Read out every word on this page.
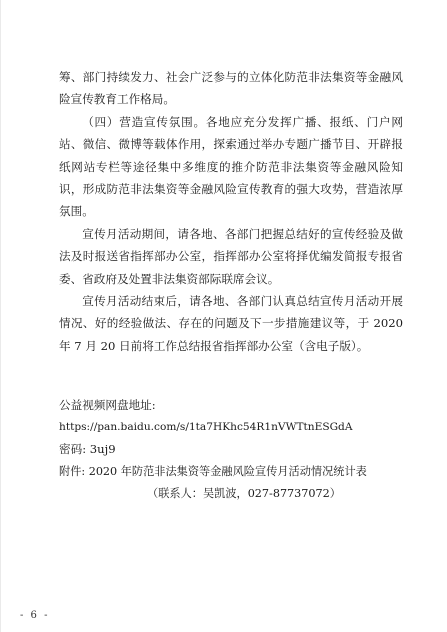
筹、部门持续发力、社会广泛参与的立体化防范非法集资等金融风险宣传教育工作格局。

（四）营造宣传氛围。各地应充分发挥广播、报纸、门户网站、微信、微博等载体作用，探索通过举办专题广播节目、开辟报纸网站专栏等途径集中多维度的推介防范非法集资等金融风险知识，形成防范非法集资等金融风险宣传教育的强大攻势，营造浓厚氛围。

宣传月活动期间，请各地、各部门把握总结好的宣传经验及做法及时报送省指挥部办公室，指挥部办公室将择优编发简报专报省委、省政府及处置非法集资部际联席会议。

宣传月活动结束后，请各地、各部门认真总结宣传月活动开展情况、好的经验做法、存在的问题及下一步措施建议等，于 2020 年 7 月 20 日前将工作总结报省指挥部办公室（含电子版）。

公益视频网盘地址:

https://pan.baidu.com/s/1ta7HKhc54R1nVWTtnESGdA

密码: 3uj9

附件: 2020 年防范非法集资等金融风险宣传月活动情况统计表

（联系人：吴凯波，027-87737072）

- 6 -
